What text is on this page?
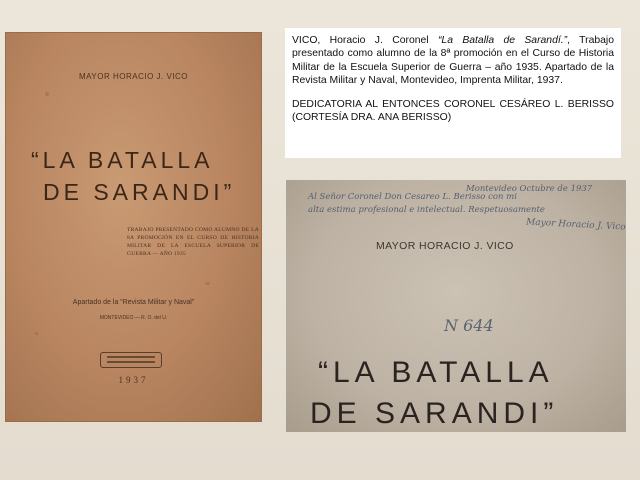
MAYOR HORACIO J. VICO
“LA BATALLA
DE SARANDI”
TRABAJO PRESENTADO COMO ALUMNO DE LA 8A PROMOCIÓN EN EL CURSO DE HISTORIA MILITAR DE LA ESCUELA SUPERIOR DE GUERRA — AÑO 1935
Apartado de la “Revista Militar y Naval”
MONTEVIDEO — R. O. del U.
1937

VICO, Horacio J. Coronel “La Batalla de Sarandí.”, Trabajo presentado como alumno de la 8ª promoción en el Curso de Historia Militar de la Escuela Superior de Guerra – año 1935. Apartado de la Revista Militar y Naval, Montevideo, Imprenta Militar, 1937.

DEDICATORIA AL ENTONCES CORONEL CESÁREO L. BERISSO (CORTESÍA DRA. ANA BERISSO)

Montevideo Octubre de 1937
Al Señor Coronel Don Cesareo L. Berisso con mi
alta estima profesional e intelectual. Respetuosamente
Mayor Horacio J. Vico
MAYOR HORACIO J. VICO
N 644
“LA BATALLA
DE SARANDI”
